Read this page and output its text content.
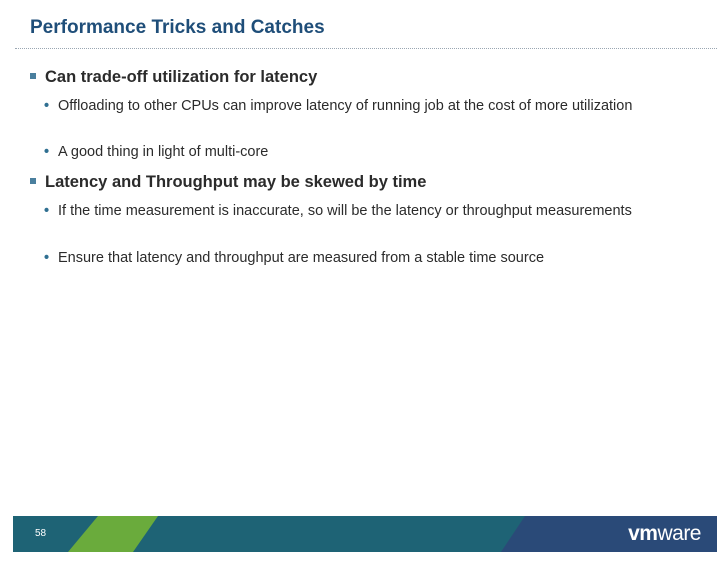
Performance Tricks and Catches
Can trade-off utilization for latency
• Offloading to other CPUs can improve latency of running job at the cost of more utilization
• A good thing in light of multi-core
Latency and Throughput may be skewed by time
• If the time measurement is inaccurate, so will be the latency or throughput measurements
• Ensure that latency and throughput are measured from a stable time source
58	vmware
